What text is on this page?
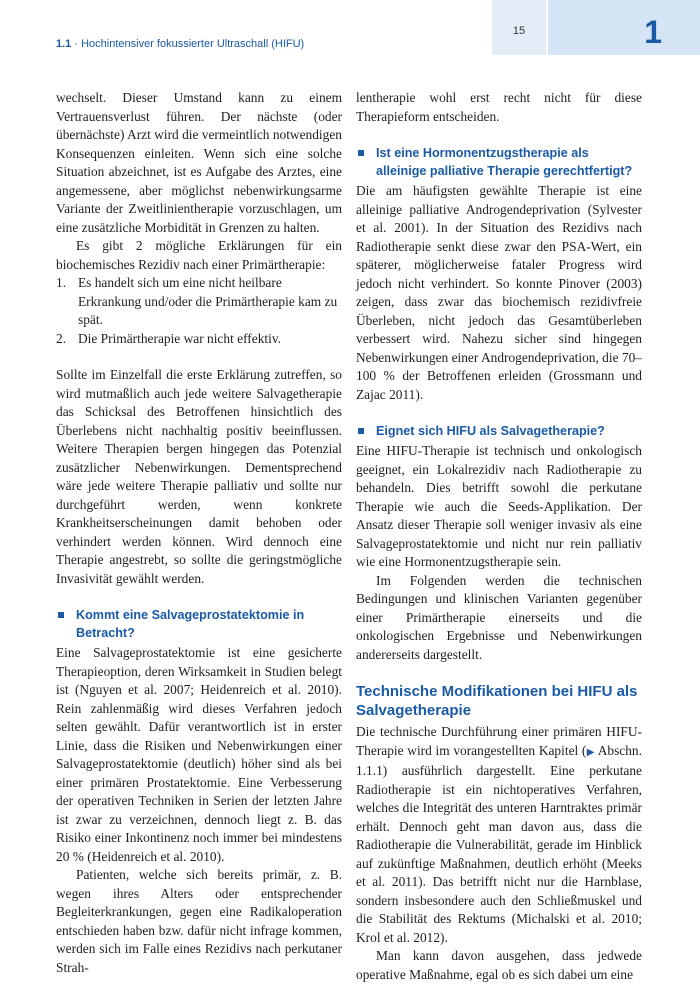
1.1 · Hochintensiver fokussierter Ultraschall (HIFU)
15	1

wechselt. Dieser Umstand kann zu einem Vertrauensverlust führen. Der nächste (oder übernächste) Arzt wird die vermeintlich notwendigen Konsequenzen einleiten. Wenn sich eine solche Situation abzeichnet, ist es Aufgabe des Arztes, eine angemessene, aber möglichst nebenwirkungsarme Variante der Zweitlinientherapie vorzuschlagen, um eine zusätzliche Morbidität in Grenzen zu halten.

Es gibt 2 mögliche Erklärungen für ein biochemisches Rezidiv nach einer Primärtherapie:

1. Es handelt sich um eine nicht heilbare Erkrankung und/oder die Primärtherapie kam zu spät.
2. Die Primärtherapie war nicht effektiv.

Sollte im Einzelfall die erste Erklärung zutreffen, so wird mutmaßlich auch jede weitere Salvagetherapie das Schicksal des Betroffenen hinsichtlich des Überlebens nicht nachhaltig positiv beeinflussen. Weitere Therapien bergen hingegen das Potenzial zusätzlicher Nebenwirkungen. Dementsprechend wäre jede weitere Therapie palliativ und sollte nur durchgeführt werden, wenn konkrete Krankheitserscheinungen damit behoben oder verhindert werden können. Wird dennoch eine Therapie angestrebt, so sollte die geringstmögliche Invasivität gewählt werden.

Kommt eine Salvageprostatektomie in Betracht?

Eine Salvageprostatektomie ist eine gesicherte Therapieoption, deren Wirksamkeit in Studien belegt ist (Nguyen et al. 2007; Heidenreich et al. 2010). Rein zahlenmäßig wird dieses Verfahren jedoch selten gewählt. Dafür verantwortlich ist in erster Linie, dass die Risiken und Nebenwirkungen einer Salvageprostatektomie (deutlich) höher sind als bei einer primären Prostatektomie. Eine Verbesserung der operativen Techniken in Serien der letzten Jahre ist zwar zu verzeichnen, dennoch liegt z. B. das Risiko einer Inkontinenz noch immer bei mindestens 20 % (Heidenreich et al. 2010).

Patienten, welche sich bereits primär, z. B. wegen ihres Alters oder entsprechender Begleiterkrankungen, gegen eine Radikaloperation entschieden haben bzw. dafür nicht infrage kommen, werden sich im Falle eines Rezidivs nach perkutaner Strah-

lentherapie wohl erst recht nicht für diese Therapieform entscheiden.

Ist eine Hormonentzugstherapie als alleinige palliative Therapie gerechtfertigt?

Die am häufigsten gewählte Therapie ist eine alleinige palliative Androgendeprivation (Sylvester et al. 2001). In der Situation des Rezidivs nach Radiotherapie senkt diese zwar den PSA-Wert, ein späterer, möglicherweise fataler Progress wird jedoch nicht verhindert. So konnte Pinover (2003) zeigen, dass zwar das biochemisch rezidivfreie Überleben, nicht jedoch das Gesamtüberleben verbessert wird. Nahezu sicher sind hingegen Nebenwirkungen einer Androgendeprivation, die 70–100 % der Betroffenen erleiden (Grossmann und Zajac 2011).

Eignet sich HIFU als Salvagetherapie?

Eine HIFU-Therapie ist technisch und onkologisch geeignet, ein Lokalrezidiv nach Radiotherapie zu behandeln. Dies betrifft sowohl die perkutane Therapie wie auch die Seeds-Applikation. Der Ansatz dieser Therapie soll weniger invasiv als eine Salvageprostatektomie und nicht nur rein palliativ wie eine Hormonentzugstherapie sein.

Im Folgenden werden die technischen Bedingungen und klinischen Varianten gegenüber einer Primärtherapie einerseits und die onkologischen Ergebnisse und Nebenwirkungen andererseits dargestellt.

Technische Modifikationen bei HIFU als Salvagetherapie

Die technische Durchführung einer primären HIFU-Therapie wird im vorangestellten Kapitel (▶ Abschn. 1.1.1) ausführlich dargestellt. Eine perkutane Radiotherapie ist ein nichtoperatives Verfahren, welches die Integrität des unteren Harntraktes primär erhält. Dennoch geht man davon aus, dass die Radiotherapie die Vulnerabilität, gerade im Hinblick auf zukünftige Maßnahmen, deutlich erhöht (Meeks et al. 2011). Das betrifft nicht nur die Harnblase, sondern insbesondere auch den Schließmuskel und die Stabilität des Rektums (Michalski et al. 2010; Krol et al. 2012).

Man kann davon ausgehen, dass jedwede operative Maßnahme, egal ob es sich dabei um eine
